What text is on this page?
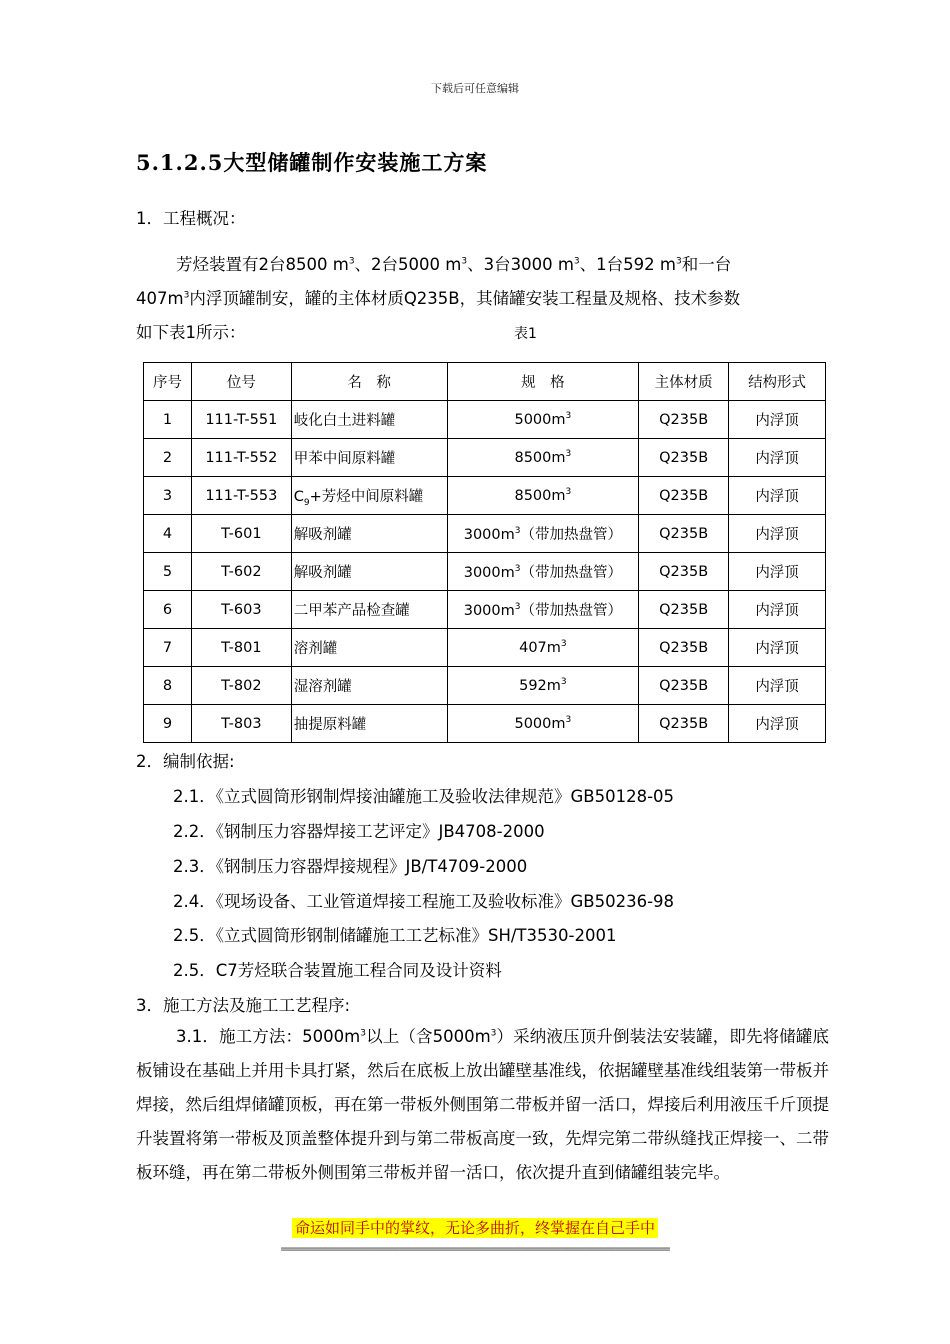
下载后可任意编辑
5.1.2.5大型储罐制作安装施工方案
1．工程概况：
芳烃装置有2台8500 $m^3$、2台5000 $m^3$、3台3000 $m^3$、1台592 $m^3$和一台
$407m^3$内浮顶罐制安，罐的主体材质Q235B，其储罐安装工程量及规格、技术参数
如下表1所示：	表1
序号	位号	名　称	规　格	主体材质	结构形式
1	111-T-551	岐化白土进料罐	$5000m^3$	Q235B	内浮顶
2	111-T-552	甲苯中间原料罐	$8500m^3$	Q235B	内浮顶
3	111-T-553	$C_9+$芳烃中间原料罐	$8500m^3$	Q235B	内浮顶
4	T-601	解吸剂罐	$3000m^3$（带加热盘管）	Q235B	内浮顶
5	T-602	解吸剂罐	$3000m^3$（带加热盘管）	Q235B	内浮顶
6	T-603	二甲苯产品检查罐	$3000m^3$（带加热盘管）	Q235B	内浮顶
7	T-801	溶剂罐	$407m^3$	Q235B	内浮顶
8	T-802	湿溶剂罐	$592m^3$	Q235B	内浮顶
9	T-803	抽提原料罐	$5000m^3$	Q235B	内浮顶
2．编制依据:
2.1．《立式圆筒形钢制焊接油罐施工及验收法律规范》GB50128-05
2.2．《钢制压力容器焊接工艺评定》JB4708-2000
2.3．《钢制压力容器焊接规程》JB/T4709-2000
2.4．《现场设备、工业管道焊接工程施工及验收标准》GB50236-98
2.5．《立式圆筒形钢制储罐施工工艺标准》SH/T3530-2001
2.5．C7芳烃联合装置施工程合同及设计资料
3．施工方法及施工工艺程序:
3.1．施工方法：$5000m^3$以上（含$5000m^3$）采纳液压顶升倒装法安装罐，即先将储罐底板铺设在基础上并用卡具打紧，然后在底板上放出罐壁基准线，依据罐壁基准线组装第一带板并焊接，然后组焊储罐顶板，再在第一带板外侧围第二带板并留一活口，焊接后利用液压千斤顶提升装置将第一带板及顶盖整体提升到与第二带板高度一致，先焊完第二带纵缝找正焊接一、二带板环缝，再在第二带板外侧围第三带板并留一活口，依次提升直到储罐组装完毕。
命运如同手中的掌纹，无论多曲折，终掌握在自己手中
===============================================================================
